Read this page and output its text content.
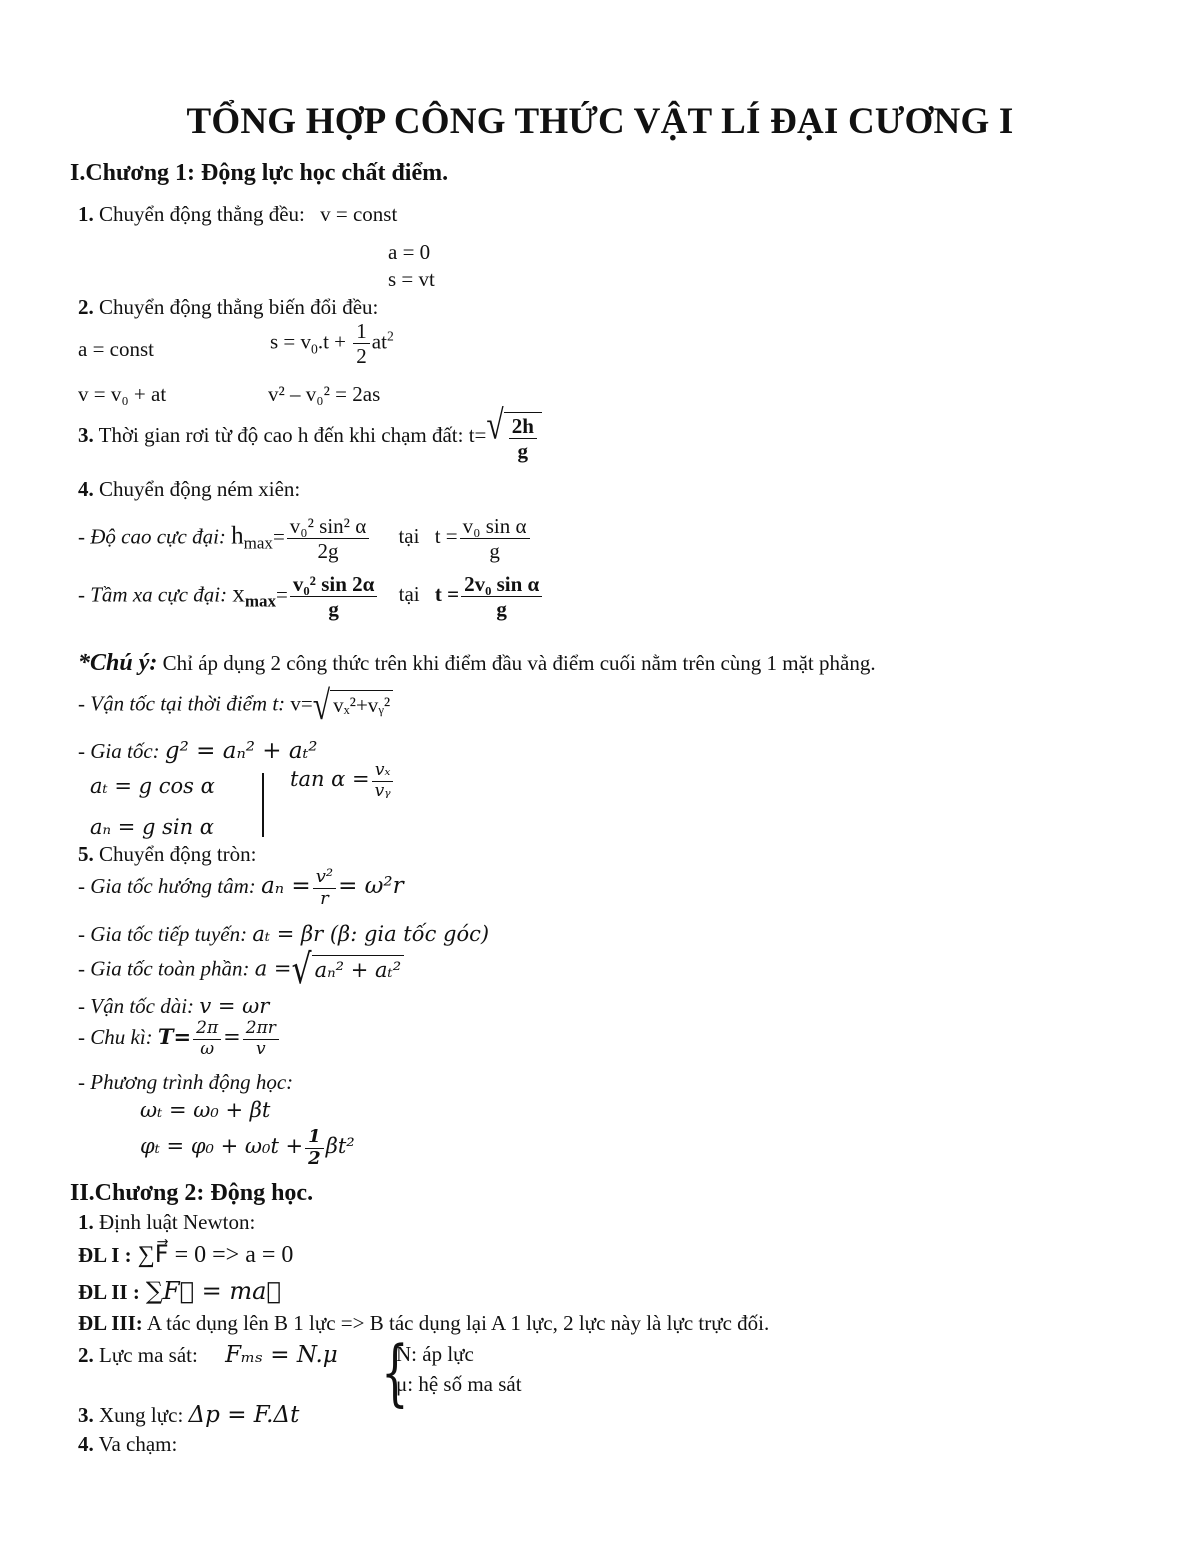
TỔNG HỢP CÔNG THỨC VẬT LÍ ĐẠI CƯƠNG I
I.Chương 1: Động lực học chất điểm.
1. Chuyển động thẳng đều: v = const
a = 0
s = vt
2. Chuyển động thẳng biến đổi đều:
a = const	$s = v_0.t + \frac{1}{2} at^2$
v = v₀ + at	v² – v₀² = 2as
3. Thời gian rơi từ độ cao h đến khi chạm đất: t= √ $\frac{2h}{g}$
4. Chuyển động ném xiên:
- Độ cao cực đại: $h_{max}= \frac{\text{v₀² sin² α}}{2g}$ tại $t = \frac{\text{v₀ sin α}}{g}$
- Tầm xa cực đại: $x_{max}= \frac{\text{v₀² sin 2α}}{g}$ tại $t = \frac{\text{2v₀ sin α}}{g}$
*Chú ý: Chỉ áp dụng 2 công thức trên khi điểm đầu và điểm cuối nằm trên cùng 1 mặt phẳng.
- Vận tốc tại thời điểm t: v= √ vₓ²+vᵧ²
- Gia tốc: g² = aₙ² + aₜ²
aₜ = g cos α
aₙ = g sin α
$\tan \alpha = \frac{\text{vₓ}}{\text{vᵧ}}$
5. Chuyển động tròn:
- Gia tốc hướng tâm: $a_n = \frac{\text{v²}}{r} = \omega^2r$
- Gia tốc tiếp tuyến: aₜ = βr (β: gia tốc góc)
- Gia tốc toàn phần: a = √ aₙ² + aₜ²
- Vận tốc dài: v = ωr
- Chu kì: $T= \frac{2\pi}{\omega} = \frac{2\pi r}{v}$
- Phương trình động học:
ωₜ = ω₀ + βt
$\varphi_t = \varphi_0 + \omega_0t + \frac{1}{2} \beta t^2$
II.Chương 2: Động học.
1. Định luật Newton:
ĐL I : ∑F⃗ = 0 => a = 0
ĐL II : ∑F⃗ = ma⃗
ĐL III: A tác dụng lên B 1 lực => B tác dụng lại A 1 lực, 2 lực này là lực trực đối.
2. Lực ma sát: Fₘₛ = N.μ {
N: áp lực
μ: hệ số ma sát
3. Xung lực: Δp = F.Δt
4. Va chạm:
